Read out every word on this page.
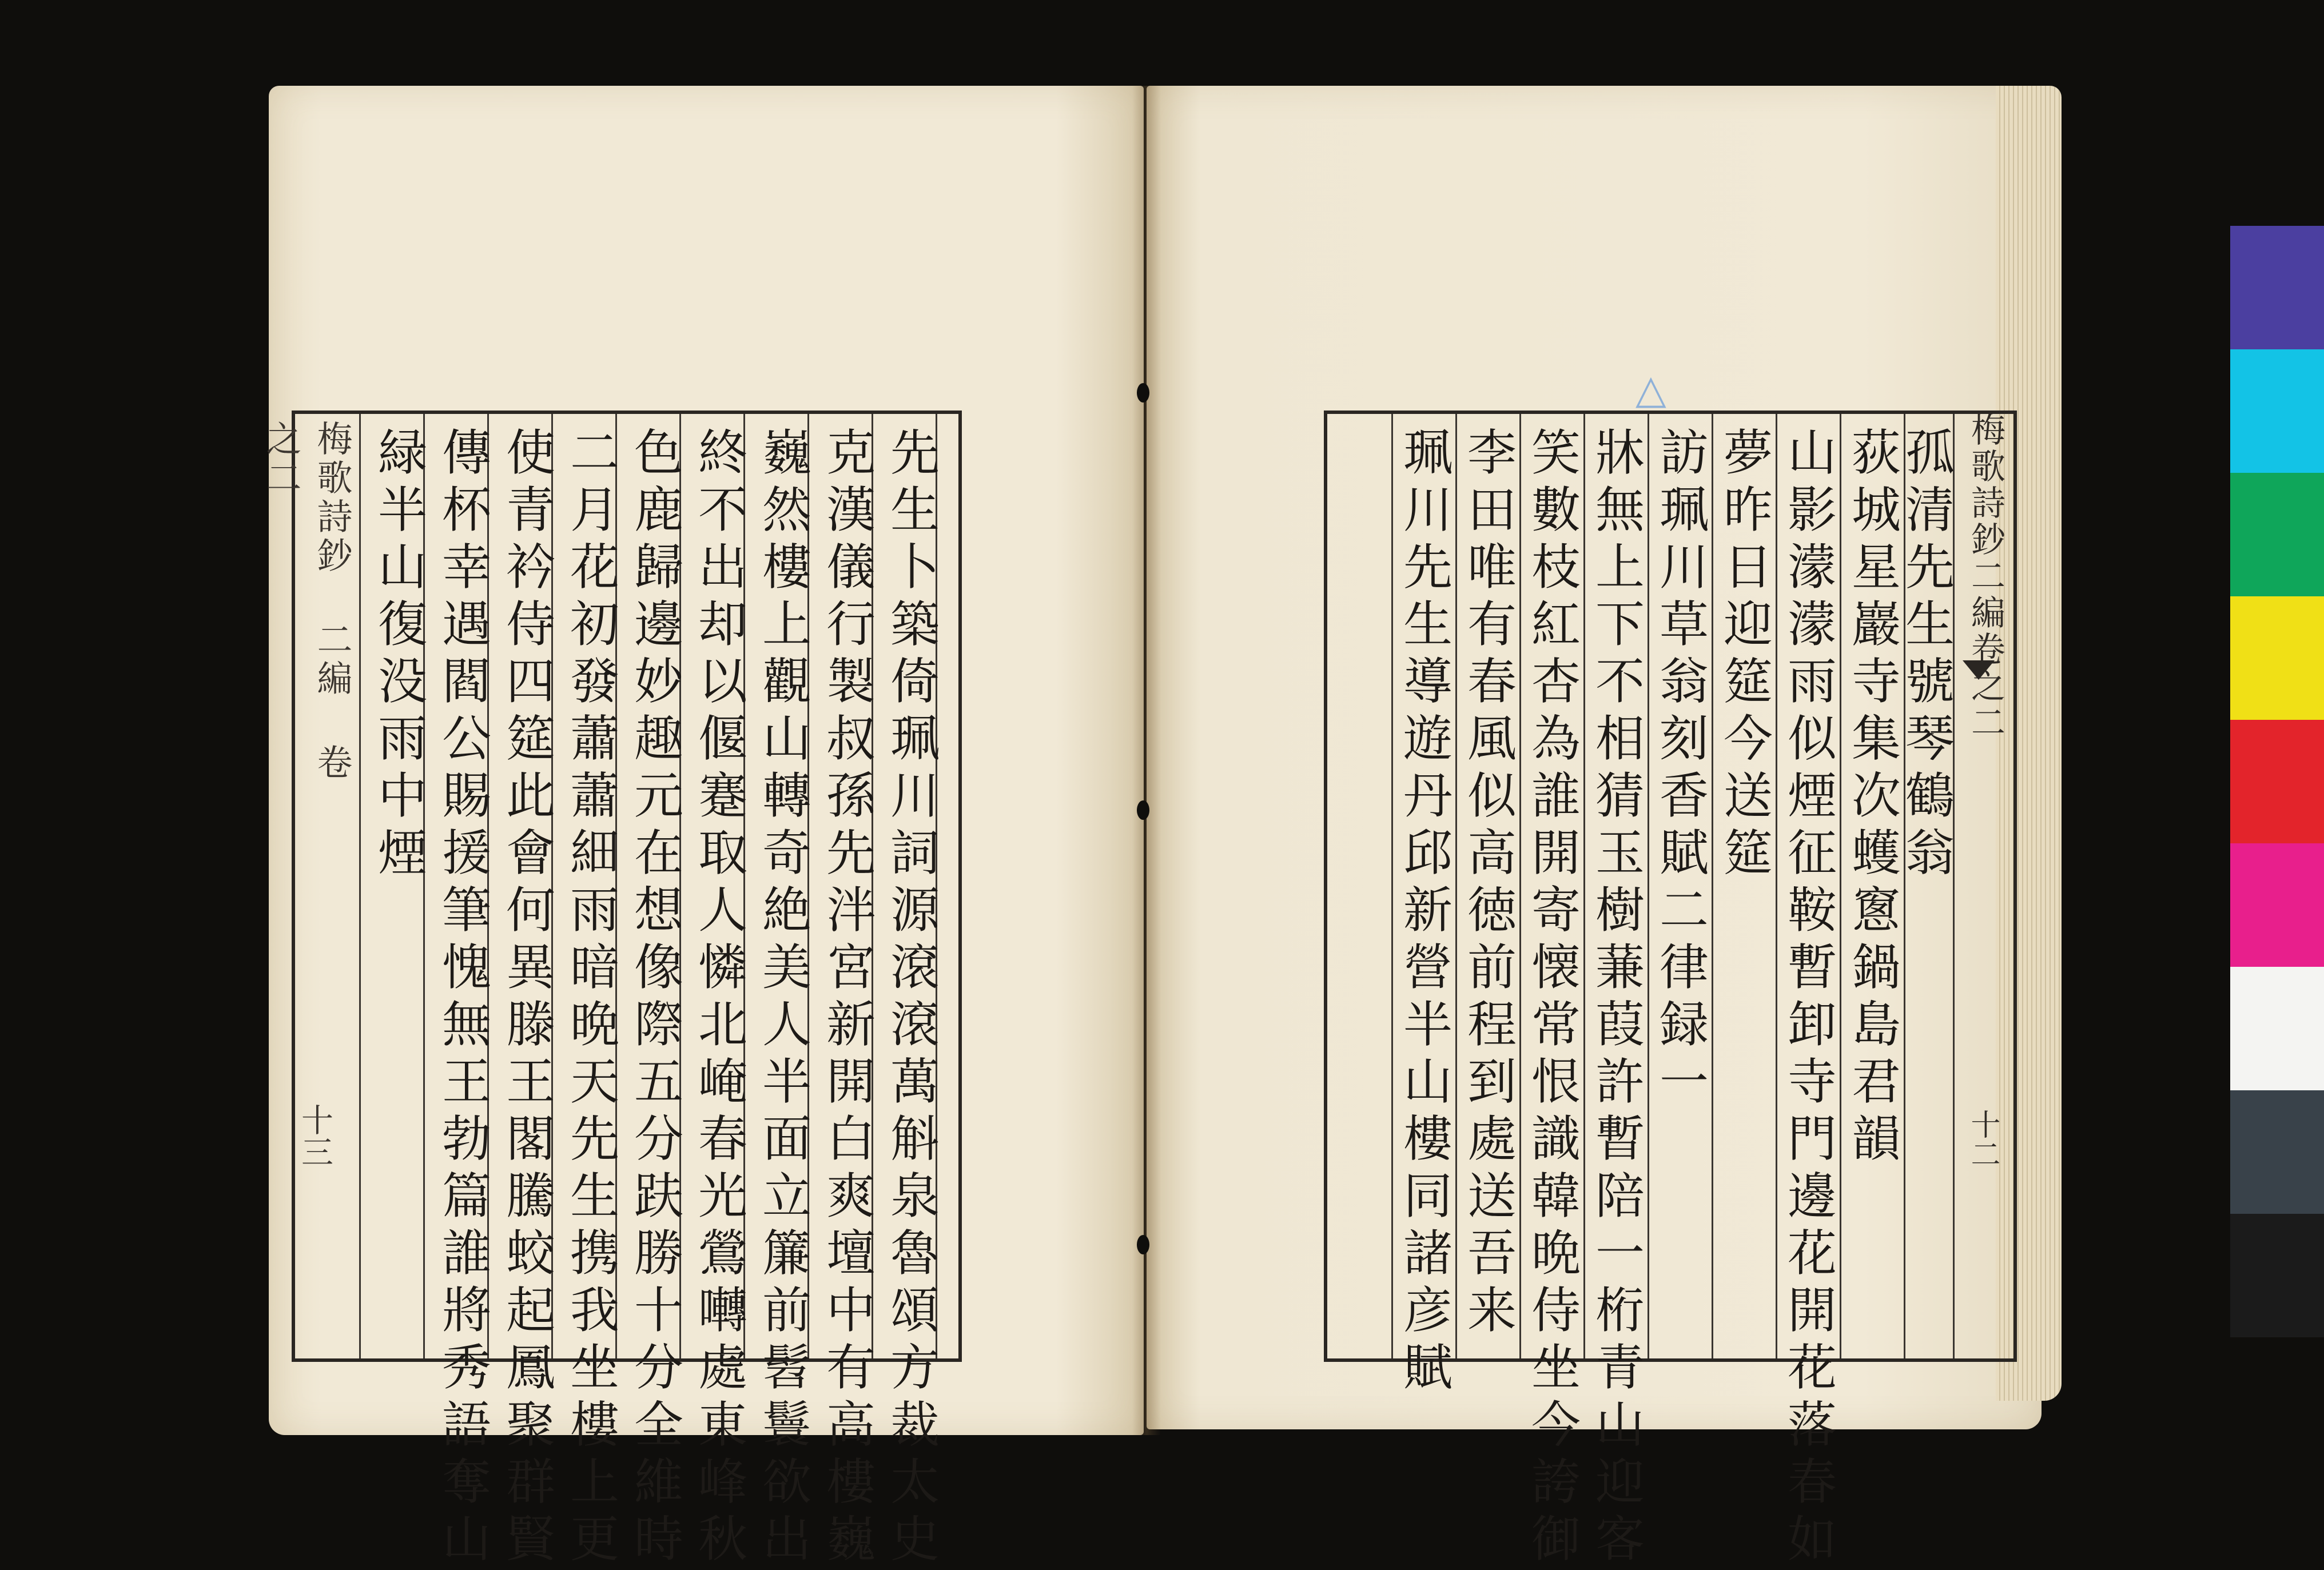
先生卜築倚珮川詞源滾滾萬斛泉魯頌方裁太史
克漢儀行製叔孫先泮宮新開白爽壇中有高樓巍
巍然樓上觀山轉奇絶美人半面立簾前髫鬟欲出
終不出却以偃蹇取人憐北崦春光鶯囀處東峰秋
色鹿歸邊妙趣元在想像際五分趺勝十分全維時
二月花初發蕭蕭細雨暗晩天先生携我坐樓上更
使青衿侍四筵此會何異滕王閣騰蛟起鳳聚群賢
傳杯幸遇閻公賜援筆愧無王勃篇誰將秀語奪山
緑半山復没雨中煙
梅歌詩鈔 二編 卷之二
十三
△
孤清先生號琴鶴翁
荻城星巖寺集次蠖窻鍋島君韻
山影濛濛雨似煙征鞍暫卸寺門邊花開花落春如
夢昨日迎筵今送筵
訪珮川草翁刻香賦二律録一
牀無上下不相猜玉樹蒹葭許暫陪一桁青山迎客
笑數枝紅杏為誰開寄懐常恨識韓晩侍坐今誇御
李田唯有春風似高徳前程到處送吾来
珮川先生導遊丹邱新營半山樓同諸彦賦	梅歌詩鈔二編卷之二
十二
